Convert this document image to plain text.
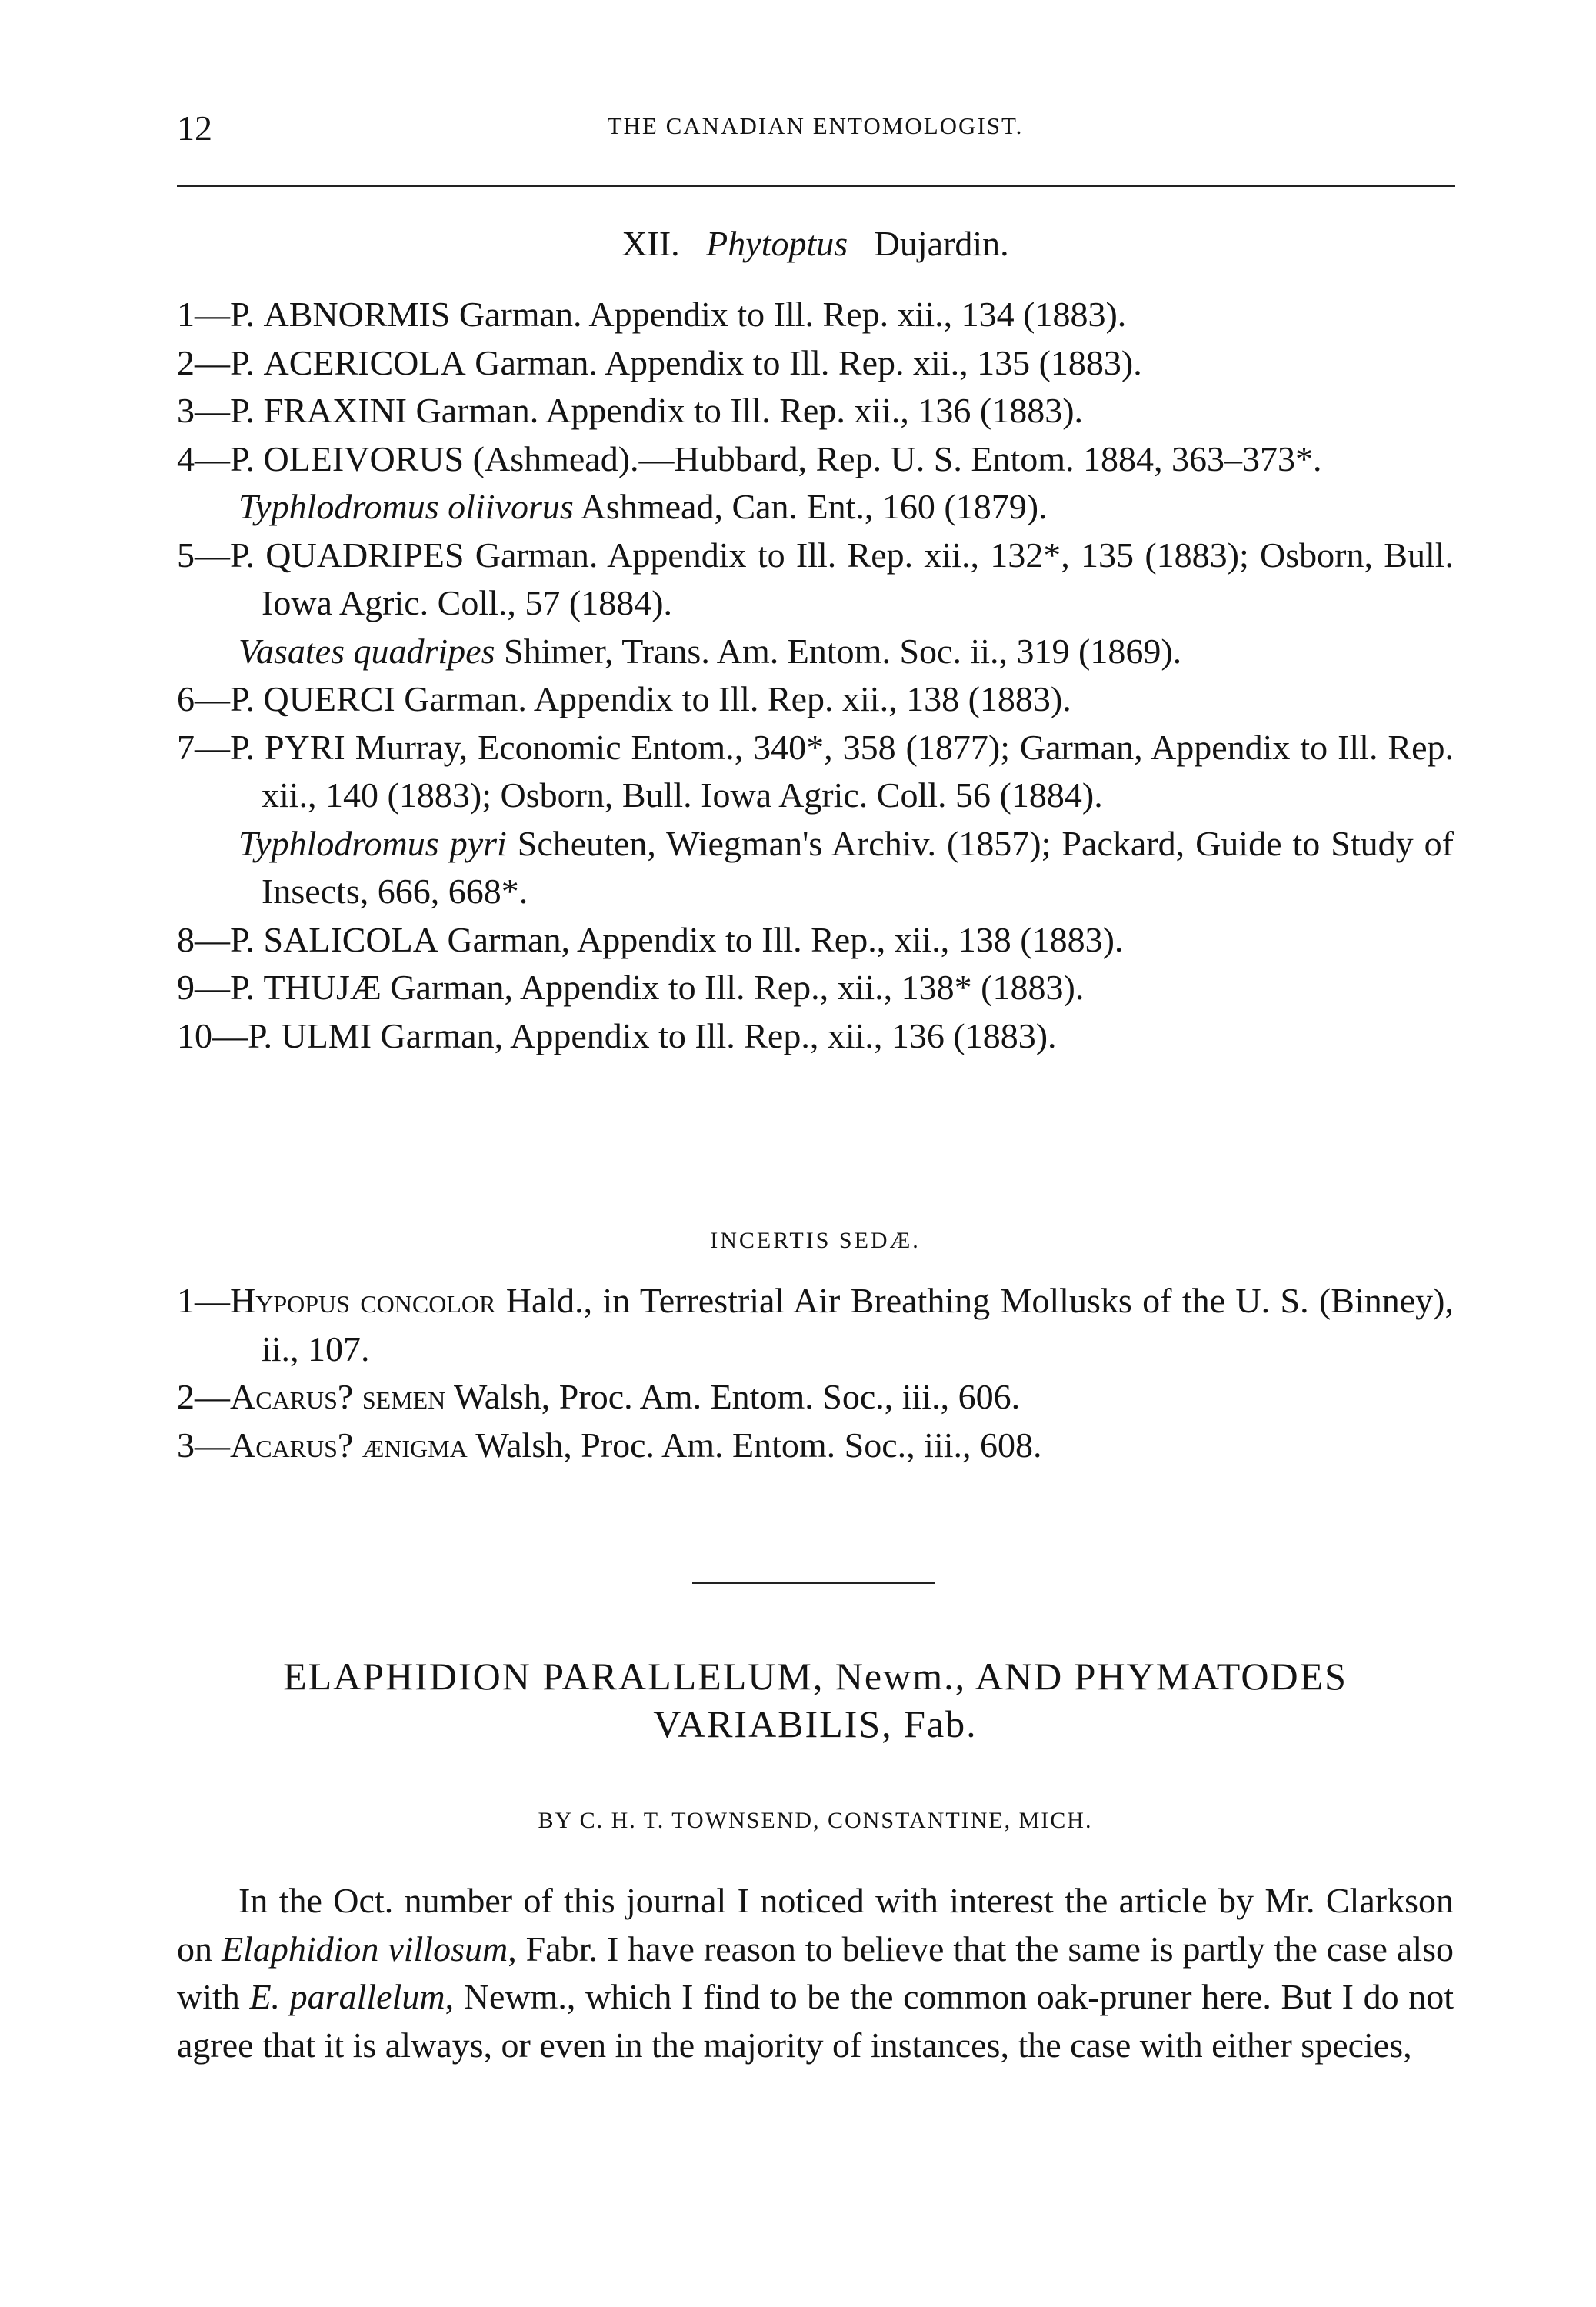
12	THE CANADIAN ENTOMOLOGIST.
XII. Phytoptus Dujardin.

1—P. ABNORMIS Garman. Appendix to Ill. Rep. xii., 134 (1883).

2—P. ACERICOLA Garman. Appendix to Ill. Rep. xii., 135 (1883).

3—P. FRAXINI Garman. Appendix to Ill. Rep. xii., 136 (1883).

4—P. OLEIVORUS (Ashmead).—Hubbard, Rep. U. S. Entom. 1884, 363–373*.

Typhlodromus oliivorus Ashmead, Can. Ent., 160 (1879).

5—P. QUADRIPES Garman. Appendix to Ill. Rep. xii., 132*, 135 (1883); Osborn, Bull. Iowa Agric. Coll., 57 (1884).

Vasates quadripes Shimer, Trans. Am. Entom. Soc. ii., 319 (1869).

6—P. QUERCI Garman. Appendix to Ill. Rep. xii., 138 (1883).

7—P. PYRI Murray, Economic Entom., 340*, 358 (1877); Garman, Appendix to Ill. Rep. xii., 140 (1883); Osborn, Bull. Iowa Agric. Coll. 56 (1884).

Typhlodromus pyri Scheuten, Wiegman's Archiv. (1857); Packard, Guide to Study of Insects, 666, 668*.

8—P. SALICOLA Garman, Appendix to Ill. Rep., xii., 138 (1883).

9—P. THUJÆ Garman, Appendix to Ill. Rep., xii., 138* (1883).

10—P. ULMI Garman, Appendix to Ill. Rep., xii., 136 (1883).

INCERTIS SEDÆ.

1—Hypopus concolor Hald., in Terrestrial Air Breathing Mollusks of the U. S. (Binney), ii., 107.

2—Acarus? semen Walsh, Proc. Am. Entom. Soc., iii., 606.

3—Acarus? ænigma Walsh, Proc. Am. Entom. Soc., iii., 608.

ELAPHIDION PARALLELUM, Newm., AND PHYMATODES
VARIABILIS, Fab.
BY C. H. T. TOWNSEND, CONSTANTINE, MICH.

In the Oct. number of this journal I noticed with interest the article by Mr. Clarkson on Elaphidion villosum, Fabr. I have reason to believe that the same is partly the case also with E. parallelum, Newm., which I find to be the common oak-pruner here. But I do not agree that it is always, or even in the majority of instances, the case with either species,
